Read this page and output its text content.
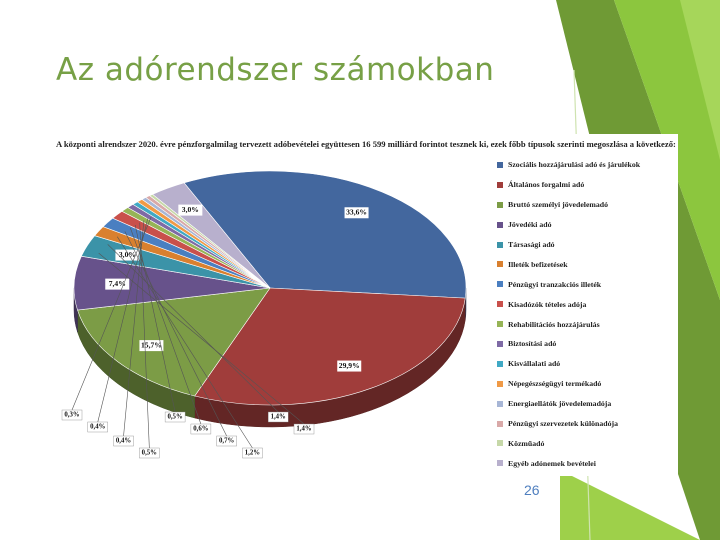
Az adórendszer számokban
33,6%
29,9%
15,7%
7,4%
3,0%
3,0%
0,3%
0,4%
0,4%
0,5%
0,5%
0,6%
0,7%
1,2%
1,4%
1,4%
A központi alrendszer 2020. évre pénzforgalmilag tervezett adóbevételei együttesen 16 599 milliárd forintot tesznek ki, ezek főbb típusok szerinti megoszlása a következő:
Szociális hozzájárulási adó és járulékok
Általános forgalmi adó
Bruttó személyi jövedelemadó
Jövedéki adó
Társasági adó
Illeték befizetések
Pénzügyi tranzakciós illeték
Kisadózók tételes adója
Rehabilitációs hozzájárulás
Biztosítási adó
Kisvállalati adó
Népegészségügyi termékadó
Energiaellátók jövedelemadója
Pénzügyi szervezetek különadója
Közműadó
Egyéb adónemek bevételei
26
